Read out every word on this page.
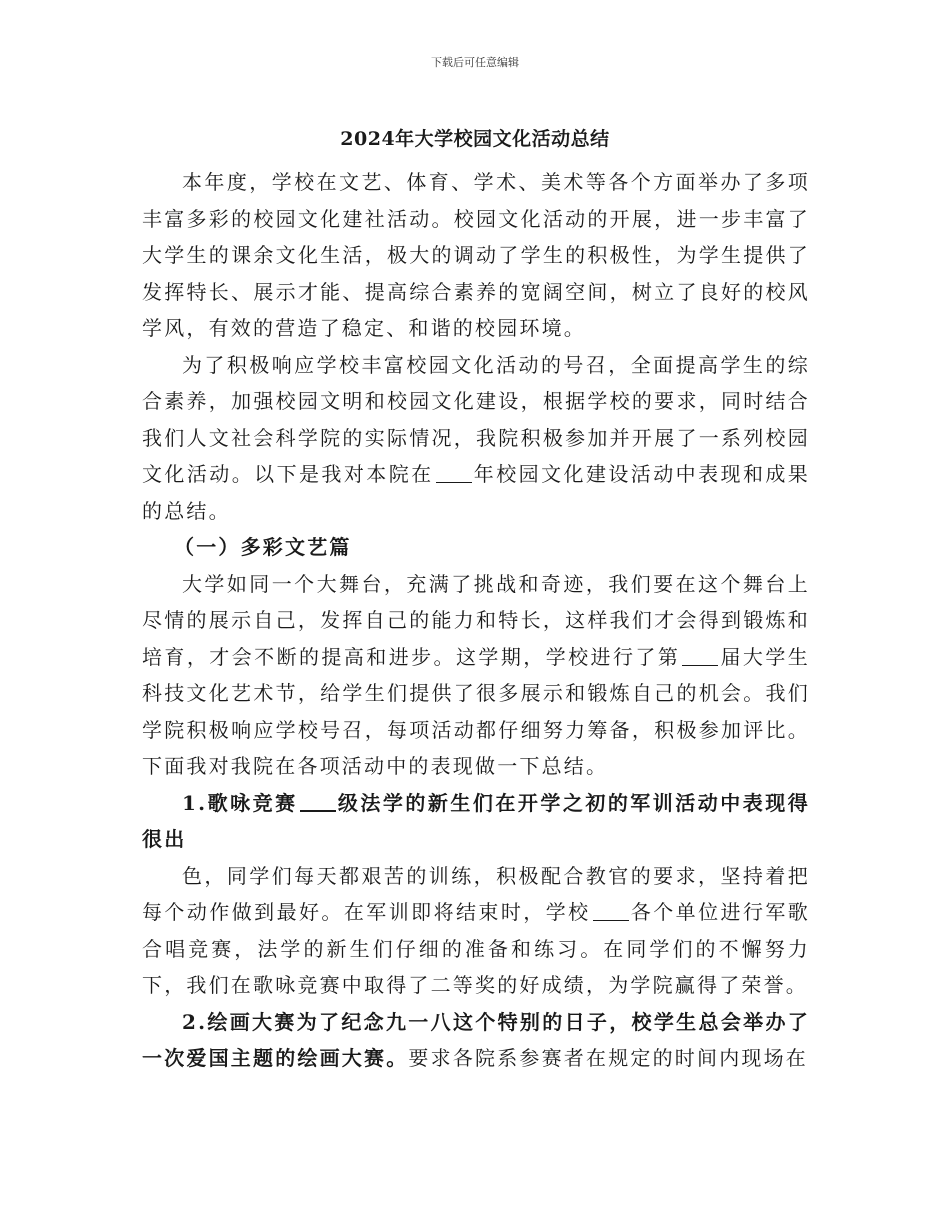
下载后可任意编辑
2024年大学校园文化活动总结

本年度，学校在文艺、体育、学术、美术等各个方面举办了多项丰富多彩的校园文化建社活动。校园文化活动的开展，进一步丰富了大学生的课余文化生活，极大的调动了学生的积极性，为学生提供了发挥特长、展示才能、提高综合素养的宽阔空间，树立了良好的校风学风，有效的营造了稳定、和谐的校园环境。

为了积极响应学校丰富校园文化活动的号召，全面提高学生的综合素养，加强校园文明和校园文化建设，根据学校的要求，同时结合我们人文社会科学院的实际情况，我院积极参加并开展了一系列校园文化活动。以下是我对本院在 年校园文化建设活动中表现和成果的总结。

（一）多彩文艺篇

大学如同一个大舞台，充满了挑战和奇迹，我们要在这个舞台上尽情的展示自己，发挥自己的能力和特长，这样我们才会得到锻炼和培育，才会不断的提高和进步。这学期，学校进行了第 届大学生科技文化艺术节，给学生们提供了很多展示和锻炼自己的机会。我们学院积极响应学校号召，每项活动都仔细努力筹备，积极参加评比。下面我对我院在各项活动中的表现做一下总结。

1.歌咏竞赛 级法学的新生们在开学之初的军训活动中表现得很出

色，同学们每天都艰苦的训练，积极配合教官的要求，坚持着把每个动作做到最好。在军训即将结束时，学校 各个单位进行军歌合唱竞赛，法学的新生们仔细的准备和练习。在同学们的不懈努力下，我们在歌咏竞赛中取得了二等奖的好成绩，为学院赢得了荣誉。

2.绘画大赛为了纪念九一八这个特别的日子，校学生总会举办了一次爱国主题的绘画大赛。要求各院系参赛者在规定的时间内现场在
